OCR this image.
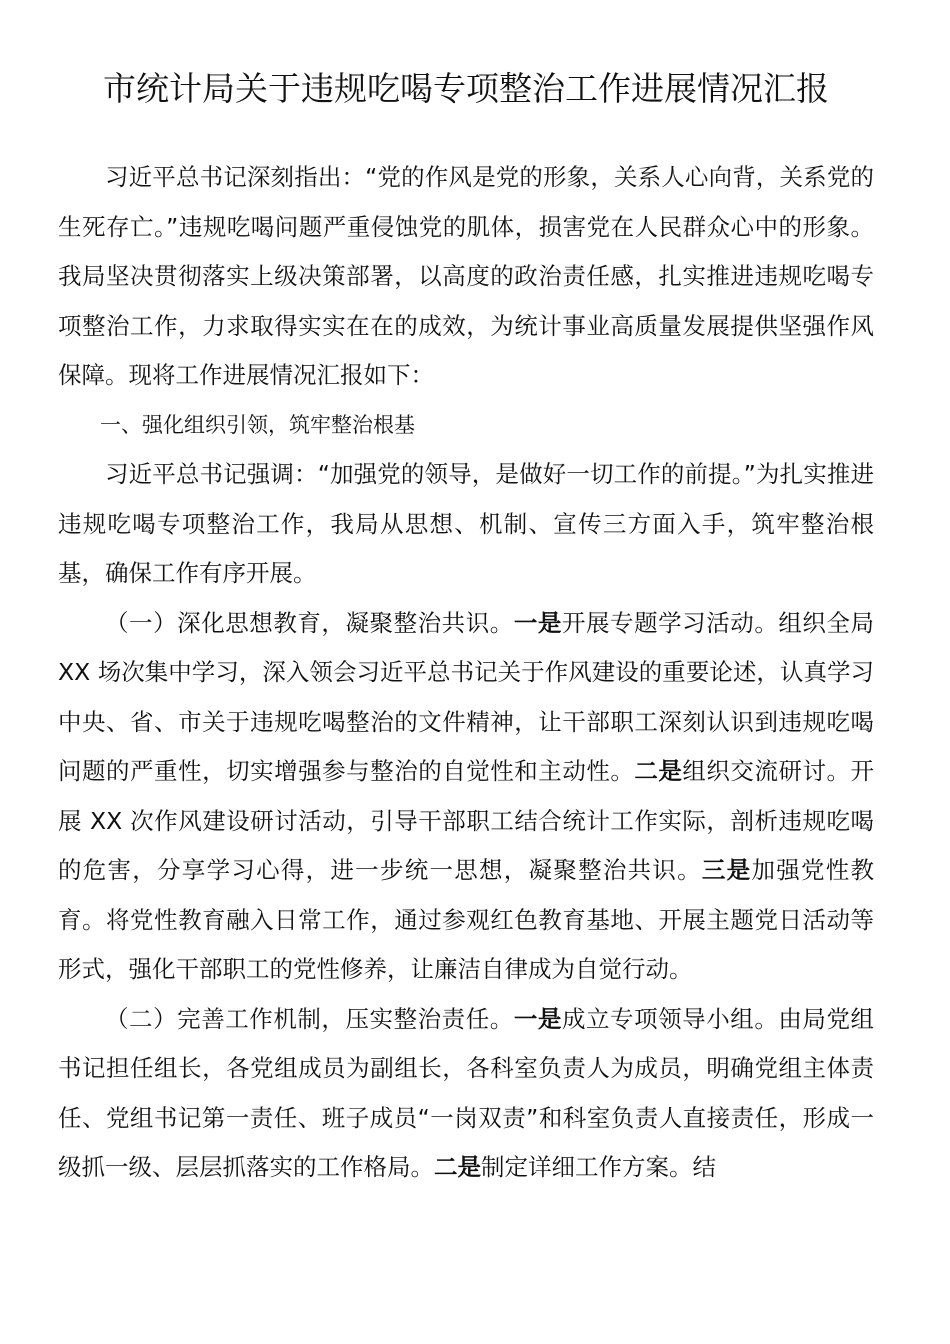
市统计局关于违规吃喝专项整治工作进展情况汇报

习近平总书记深刻指出：“党的作风是党的形象，关系人心向背，关系党的生死存亡。”违规吃喝问题严重侵蚀党的肌体，损害党在人民群众心中的形象。我局坚决贯彻落实上级决策部署，以高度的政治责任感，扎实推进违规吃喝专项整治工作，力求取得实实在在的成效，为统计事业高质量发展提供坚强作风保障。现将工作进展情况汇报如下：

一、强化组织引领，筑牢整治根基

习近平总书记强调：“加强党的领导，是做好一切工作的前提。”为扎实推进违规吃喝专项整治工作，我局从思想、机制、宣传三方面入手，筑牢整治根基，确保工作有序开展。

（一）深化思想教育，凝聚整治共识。一是开展专题学习活动。组织全局 XX 场次集中学习，深入领会习近平总书记关于作风建设的重要论述，认真学习中央、省、市关于违规吃喝整治的文件精神，让干部职工深刻认识到违规吃喝问题的严重性，切实增强参与整治的自觉性和主动性。二是组织交流研讨。开展 XX 次作风建设研讨活动，引导干部职工结合统计工作实际，剖析违规吃喝的危害，分享学习心得，进一步统一思想，凝聚整治共识。三是加强党性教育。将党性教育融入日常工作，通过参观红色教育基地、开展主题党日活动等形式，强化干部职工的党性修养，让廉洁自律成为自觉行动。

（二）完善工作机制，压实整治责任。一是成立专项领导小组。由局党组书记担任组长，各党组成员为副组长，各科室负责人为成员，明确党组主体责任、党组书记第一责任、班子成员“一岗双责”和科室负责人直接责任，形成一级抓一级、层层抓落实的工作格局。二是制定详细工作方案。结
